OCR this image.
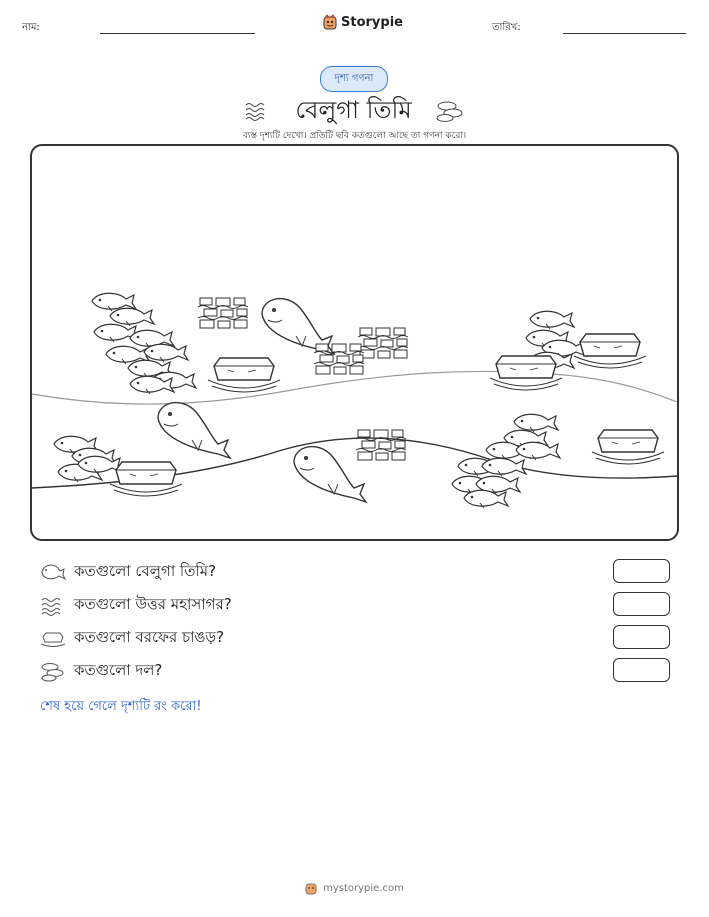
নাম:	Storypie	তারিখ:
দৃশ্য গণনা
বেলুগা তিমি
ব্যস্ত দৃশ্যটি দেখো। প্রতিটি ছবি কতগুলো আছে তা গণনা করো।
কতগুলো বেলুগা তিমি?
কতগুলো উত্তর মহাসাগর?
কতগুলো বরফের চাঙড়?
কতগুলো দল?
শেষ হয়ে গেলে দৃশ্যটি রং করো!
mystorypie.com
